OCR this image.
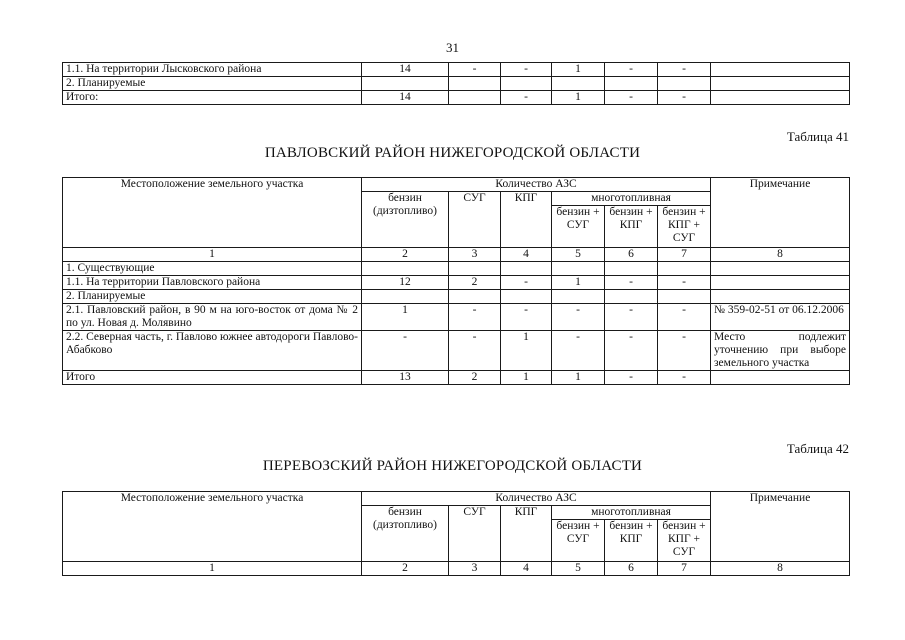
31
1.1. На территории Лысковского района	14	-	-	1	-	-	
2. Планируемые							
Итого:	14		-	1	-	-	
Таблица 41
ПАВЛОВСКИЙ РАЙОН НИЖЕГОРОДСКОЙ ОБЛАСТИ
Местоположение земельного участка	Количество АЗС						Примечание
	бензин (дизтопливо)	СУГ	КПГ	многотопливная			
				бензин + СУГ	бензин + КПГ	бензин + КПГ + СУГ	
1	2	3	4	5	6	7	8
1. Существующие							
1.1. На территории Павловского района	12	2	-	1	-	-	
2. Планируемые							
2.1. Павловский район, в 90 м на юго-восток от дома № 2 по ул. Новая д. Молявино	1	-	-	-	-	-	№ 359-02-51 от 06.12.2006
2.2. Северная часть, г. Павлово южнее автодороги Павлово-Абабково	-	-	1	-	-	-	Место подлежит уточнению при выборе земельного участка
Итого	13	2	1	1	-	-	
Таблица 42
ПЕРЕВОЗСКИЙ РАЙОН НИЖЕГОРОДСКОЙ ОБЛАСТИ
Местоположение земельного участка	Количество АЗС						Примечание
	бензин (дизтопливо)	СУГ	КПГ	многотопливная			
				бензин + СУГ	бензин + КПГ	бензин + КПГ + СУГ	
1	2	3	4	5	6	7	8
